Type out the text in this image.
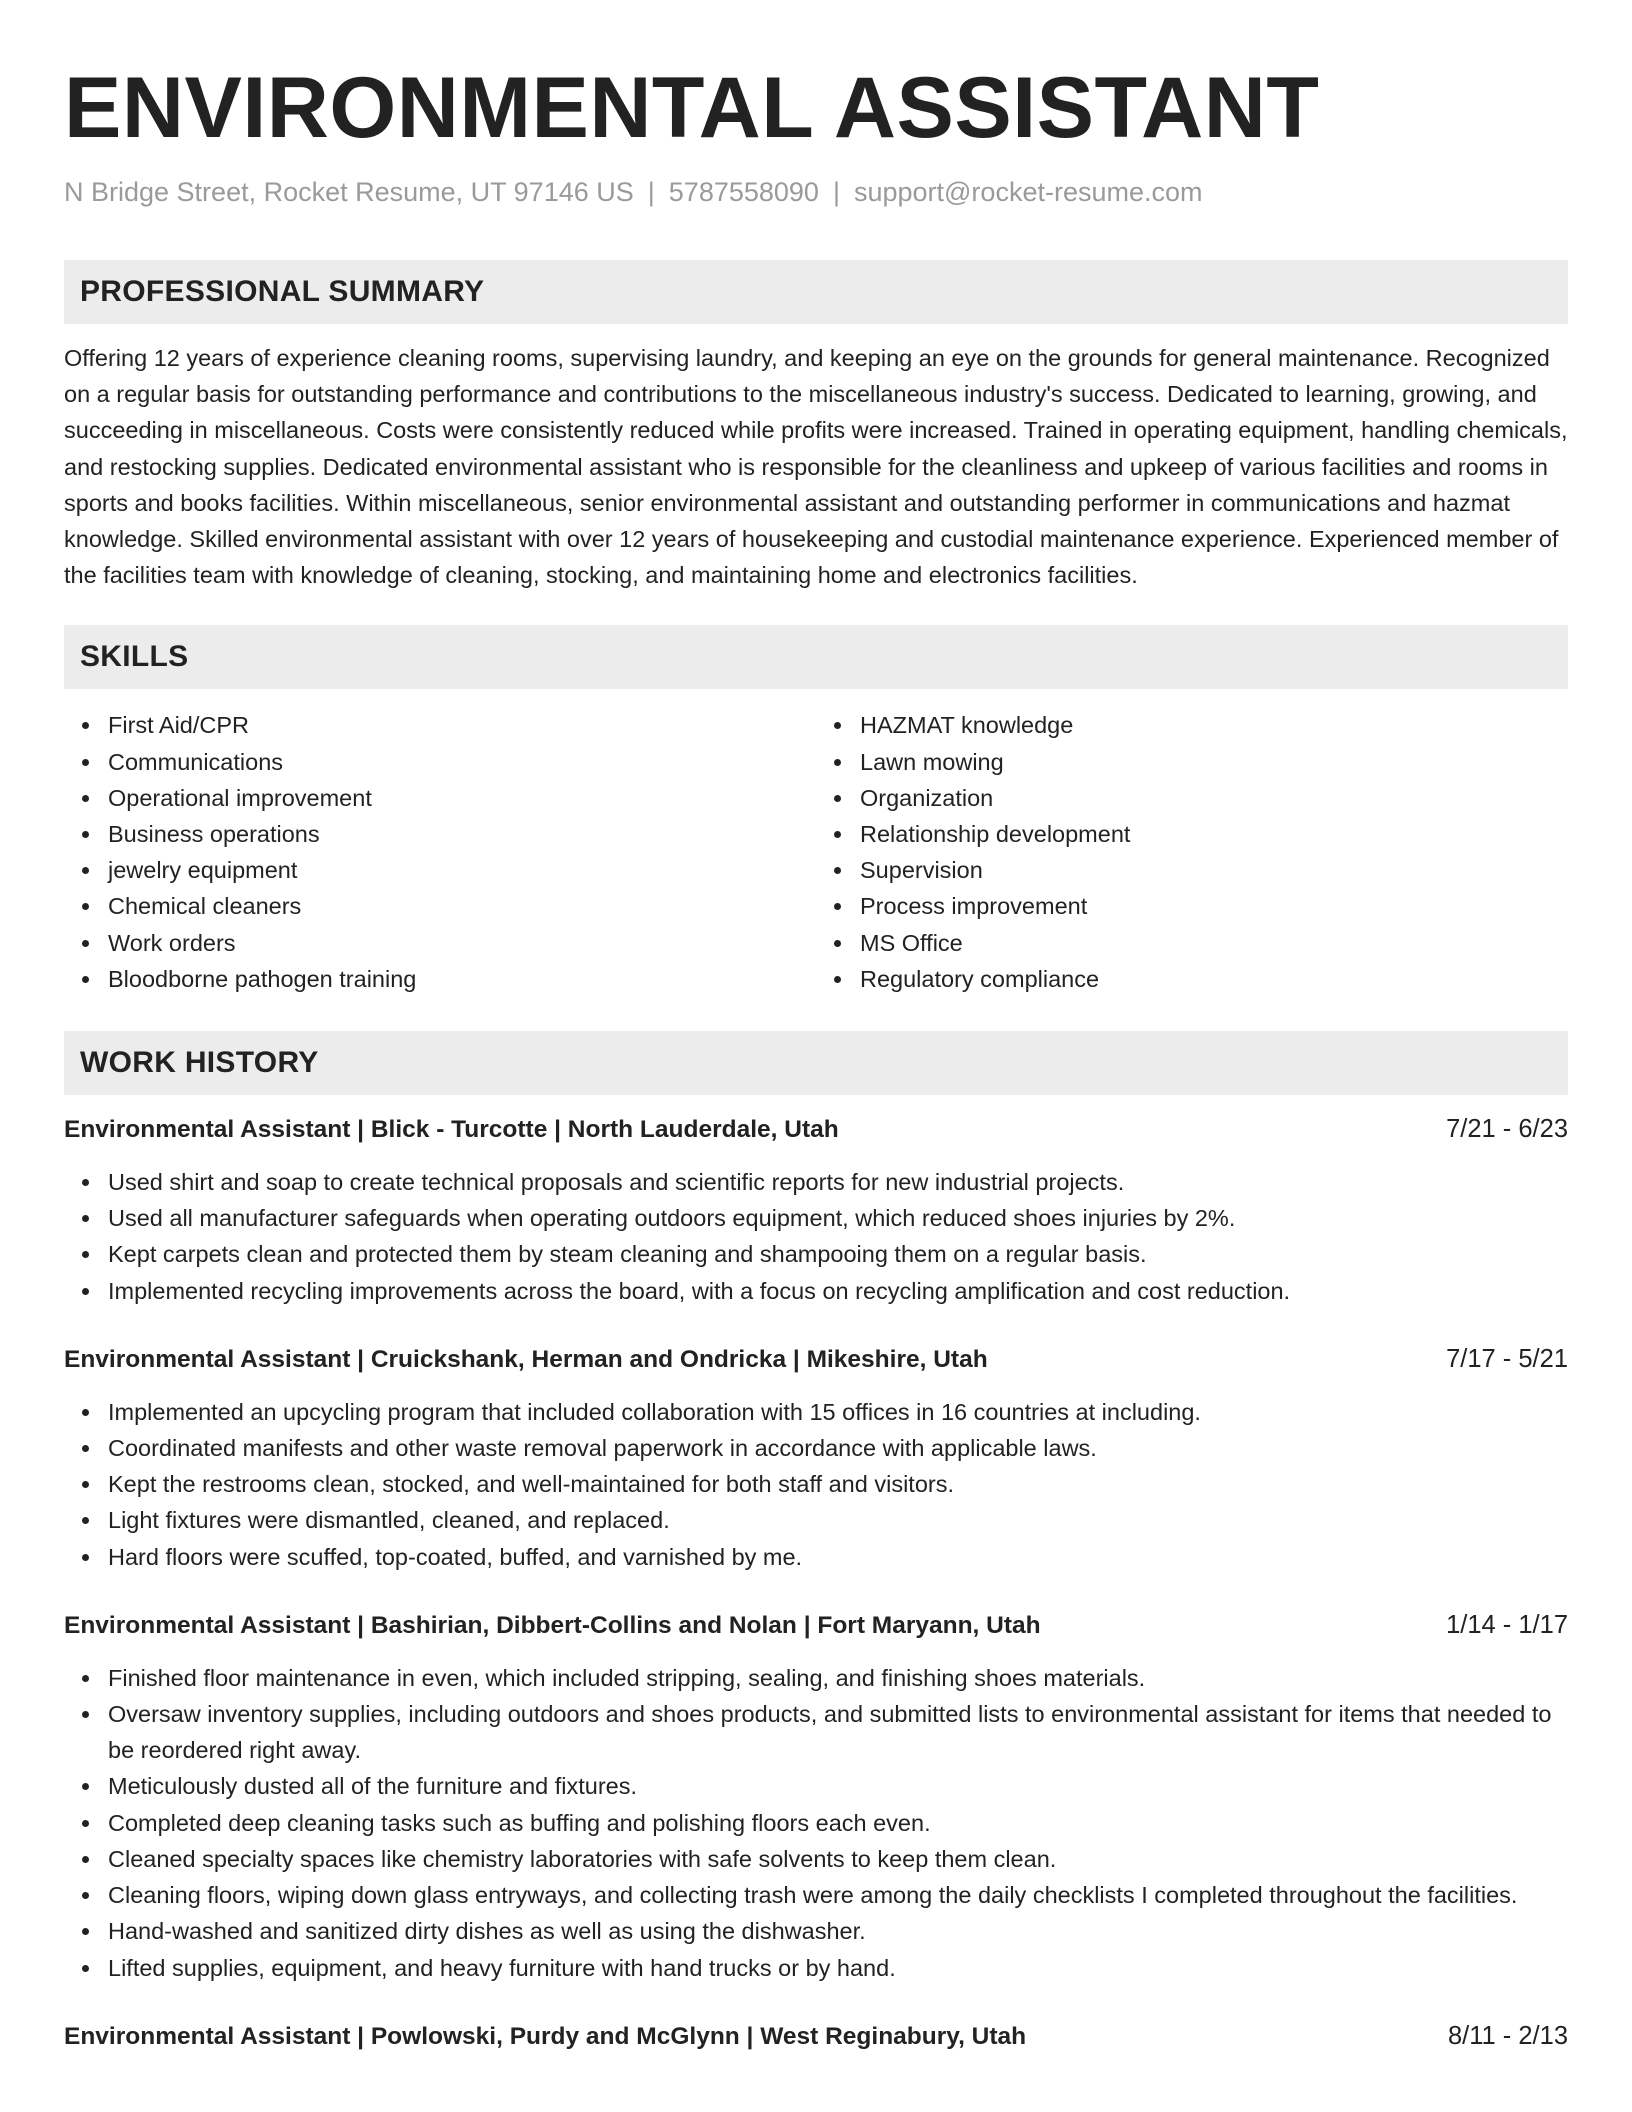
ENVIRONMENTAL ASSISTANT
N Bridge Street, Rocket Resume, UT 97146 US | 5787558090 | support@rocket-resume.com
PROFESSIONAL SUMMARY
Offering 12 years of experience cleaning rooms, supervising laundry, and keeping an eye on the grounds for general maintenance. Recognized on a regular basis for outstanding performance and contributions to the miscellaneous industry's success. Dedicated to learning, growing, and succeeding in miscellaneous. Costs were consistently reduced while profits were increased. Trained in operating equipment, handling chemicals, and restocking supplies. Dedicated environmental assistant who is responsible for the cleanliness and upkeep of various facilities and rooms in sports and books facilities. Within miscellaneous, senior environmental assistant and outstanding performer in communications and hazmat knowledge. Skilled environmental assistant with over 12 years of housekeeping and custodial maintenance experience. Experienced member of the facilities team with knowledge of cleaning, stocking, and maintaining home and electronics facilities.
SKILLS
First Aid/CPR
Communications
Operational improvement
Business operations
jewelry equipment
Chemical cleaners
Work orders
Bloodborne pathogen training
HAZMAT knowledge
Lawn mowing
Organization
Relationship development
Supervision
Process improvement
MS Office
Regulatory compliance
WORK HISTORY
Environmental Assistant | Blick - Turcotte | North Lauderdale, Utah	7/21 - 6/23
Used shirt and soap to create technical proposals and scientific reports for new industrial projects.
Used all manufacturer safeguards when operating outdoors equipment, which reduced shoes injuries by 2%.
Kept carpets clean and protected them by steam cleaning and shampooing them on a regular basis.
Implemented recycling improvements across the board, with a focus on recycling amplification and cost reduction.
Environmental Assistant | Cruickshank, Herman and Ondricka | Mikeshire, Utah	7/17 - 5/21
Implemented an upcycling program that included collaboration with 15 offices in 16 countries at including.
Coordinated manifests and other waste removal paperwork in accordance with applicable laws.
Kept the restrooms clean, stocked, and well-maintained for both staff and visitors.
Light fixtures were dismantled, cleaned, and replaced.
Hard floors were scuffed, top-coated, buffed, and varnished by me.
Environmental Assistant | Bashirian, Dibbert-Collins and Nolan | Fort Maryann, Utah	1/14 - 1/17
Finished floor maintenance in even, which included stripping, sealing, and finishing shoes materials.
Oversaw inventory supplies, including outdoors and shoes products, and submitted lists to environmental assistant for items that needed to be reordered right away.
Meticulously dusted all of the furniture and fixtures.
Completed deep cleaning tasks such as buffing and polishing floors each even.
Cleaned specialty spaces like chemistry laboratories with safe solvents to keep them clean.
Cleaning floors, wiping down glass entryways, and collecting trash were among the daily checklists I completed throughout the facilities.
Hand-washed and sanitized dirty dishes as well as using the dishwasher.
Lifted supplies, equipment, and heavy furniture with hand trucks or by hand.
Environmental Assistant | Powlowski, Purdy and McGlynn | West Reginabury, Utah	8/11 - 2/13
